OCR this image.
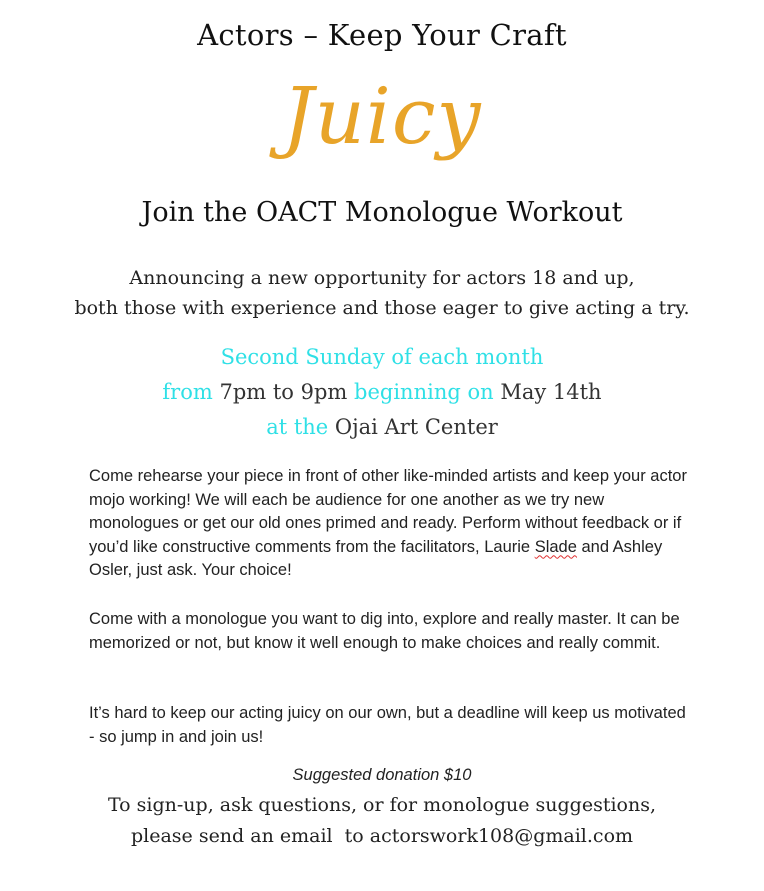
Actors – Keep Your Craft
Juicy
Join the OACT Monologue Workout
Announcing a new opportunity for actors 18 and up,
both those with experience and those eager to give acting a try.
Second Sunday of each month
from 7pm to 9pm beginning on May 14th
at the Ojai Art Center
Come rehearse your piece in front of other like-minded artists and keep your actor mojo working! We will each be audience for one another as we try new monologues or get our old ones primed and ready. Perform without feedback or if you’d like constructive comments from the facilitators, Laurie Slade and Ashley Osler, just ask. Your choice!
Come with a monologue you want to dig into, explore and really master. It can be memorized or not, but know it well enough to make choices and really commit.
It’s hard to keep our acting juicy on our own, but a deadline will keep us motivated - so jump in and join us!
Suggested donation $10
To sign-up, ask questions, or for monologue suggestions,
please send an email  to actorswork108@gmail.com
